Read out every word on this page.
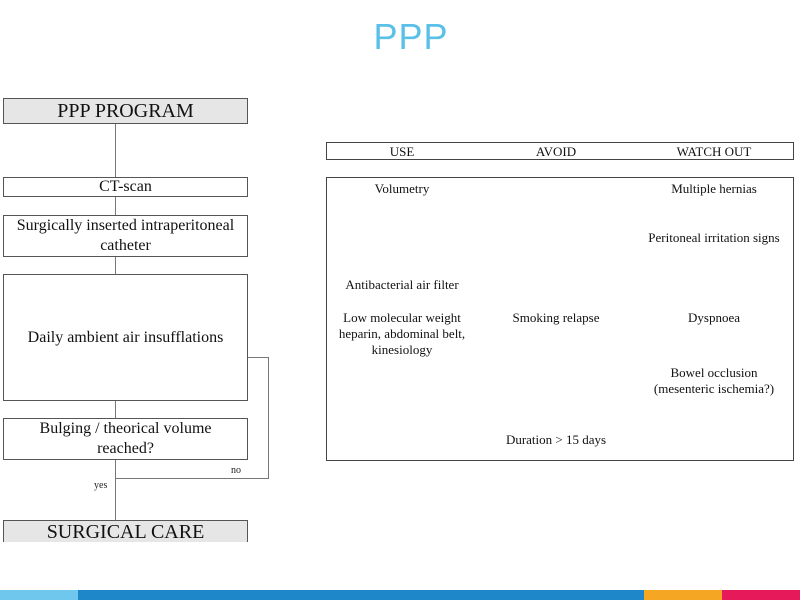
PPP
PPP PROGRAM
CT-scan
Surgically inserted intraperitoneal catheter
Daily ambient air insufflations
Bulging / theorical volume reached?
yes
no
SURGICAL CARE
USE	AVOID	WATCH OUT
Volumetry
Antibacterial air filter
Low molecular weight heparin, abdominal belt, kinesiology
Smoking relapse
Duration > 15 days
Multiple hernias
Peritoneal irritation signs
Dyspnoea
Bowel occlusion (mesenteric ischemia?)
